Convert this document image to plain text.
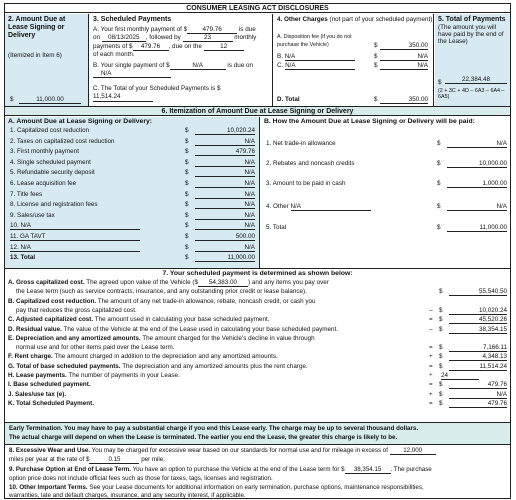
CONSUMER LEASING ACT DISCLOSURES
2. Amount Due at Lease Signing or Delivery
(Itemized in Item 6)
$	11,000.00
3. Scheduled Payments
A. Your first monthly payment of $ 479.76	is due
on 08/13/2025 , followed by	23	monthly
payments of $ 479.76 , due on the	12
of each month.
B. Your single payment of $	N/A	is due on
N/A
C. The Total of your Scheduled Payments is $
11,514.24
4. Other Charges (not part of your scheduled payment)
A. Disposition fee (if you do not
purchase the Vehicle)	$	350.00
B. N/A	$	N/A
C. N/A	$	N/A
D. Total	$	350.00
5. Total of Payments
(The amount you will have paid by the end of the Lease)
$	22,384.48
(2 + 3C + 4D – 6A3 – 6A4 – 6A5)
6. Itemization of Amount Due at Lease Signing or Delivery
A. Amount Due at Lease Signing or Delivery:
1. Capitalized cost reduction	$	10,020.24
2. Taxes on capitalized cost reduction	$	N/A
3. First monthly payment	$	479.76
4. Single scheduled payment	$	N/A
5. Refundable security deposit	$	N/A
6. Lease acquisition fee	$	N/A
7. Title fees	$	N/A
8. License and registration fees	$	N/A
9. Sales/use tax	$	N/A
10. N/A	$	N/A
11. GA TAVT	$	500.00
12. N/A	$	N/A
13. Total	$	11,000.00
B. How the Amount Due at Lease Signing or Delivery will be paid:
1. Net trade-in allowance	$	N/A
2. Rebates and noncash credits	$	10,000.00
3. Amount to be paid in cash	$	1,000.00
4. Other N/A	$	N/A
5. Total	$	11,000.00
7. Your scheduled payment is determined as shown below:
A. Gross capitalized cost. The agreed upon value of the Vehicle ($ 54,383.00 ) and any items you pay over
the Lease term (such as service contracts, insurance, and any outstanding prior credit or lease balance).	$	55,540.50
B. Capitalized cost reduction. The amount of any net trade-in allowance, rebate, noncash credit, or cash you
pay that reduces the gross capitalized cost.	– $	10,020.24
C. Adjusted capitalized cost. The amount used in calculating your base scheduled payment.	= $	45,520.26
D. Residual value. The value of the Vehicle at the end of the Lease used in calculating your base scheduled payment.	– $	38,354.15
E. Depreciation and any amortized amounts. The amount charged for the Vehicle's decline in value through
normal use and for other items paid over the Lease term.	= $	7,166.11
F. Rent charge. The amount charged in addition to the depreciation and any amortized amounts.	+ $	4,348.13
G. Total of base scheduled payments. The depreciation and any amortized amounts plus the rent charge.	= $	11,514.24
H. Lease payments. The number of payments in your Lease.	÷ 24
I. Base scheduled payment.	= $	479.76
J. Sales/use tax (e).	+ $	N/A
K. Total Scheduled Payment.	= $	479.76
Early Termination. You may have to pay a substantial charge if you end this Lease early. The charge may be up to several thousand dollars.
The actual charge will depend on when the Lease is terminated. The earlier you end the Lease, the greater this charge is likely to be.
8. Excessive Wear and Use. You may be charged for excessive wear based on our standards for normal use and for mileage in excess of 12,000
miles per year at the rate of $	0.15	per mile.
9. Purchase Option at End of Lease Term. You have an option to purchase the Vehicle at the end of the Lease term for $ 38,354.15 . The purchase
option price does not include official fees such as those for taxes, tags, licenses and registration.
10. Other Important Terms. See your Lease documents for additional information on early termination, purchase options, maintenance responsibilities,
warranties, late and default charges, insurance, and any security interest, if applicable.
